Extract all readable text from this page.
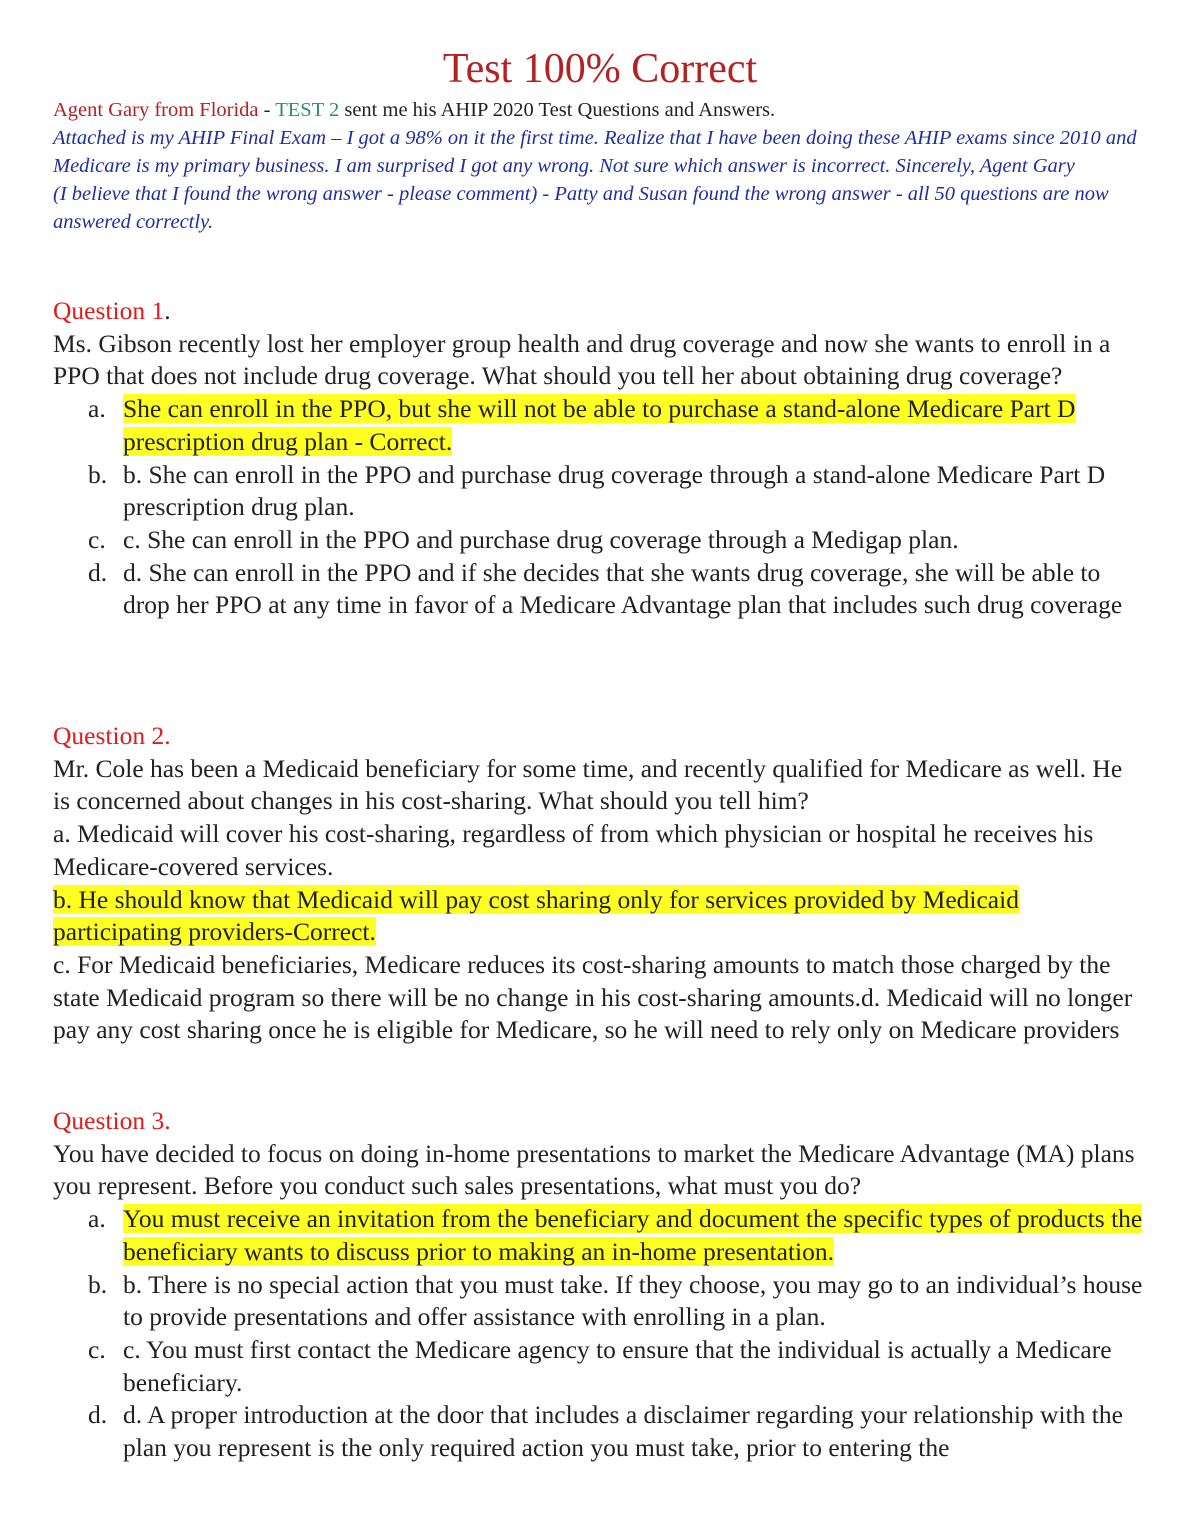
Test 100% Correct
Agent Gary from Florida - TEST 2 sent me his AHIP 2020 Test Questions and Answers.
Attached is my AHIP Final Exam – I got a 98% on it the first time. Realize that I have been doing these AHIP exams since 2010 and Medicare is my primary business. I am surprised I got any wrong. Not sure which answer is incorrect. Sincerely, Agent Gary
(I believe that I found the wrong answer - please comment) - Patty and Susan found the wrong answer - all 50 questions are now answered correctly.
Question 1.
Ms. Gibson recently lost her employer group health and drug coverage and now she wants to enroll in a PPO that does not include drug coverage. What should you tell her about obtaining drug coverage?
a. She can enroll in the PPO, but she will not be able to purchase a stand-alone Medicare Part D prescription drug plan - Correct.
b. b. She can enroll in the PPO and purchase drug coverage through a stand-alone Medicare Part D prescription drug plan.
c. c. She can enroll in the PPO and purchase drug coverage through a Medigap plan.
d. d. She can enroll in the PPO and if she decides that she wants drug coverage, she will be able to drop her PPO at any time in favor of a Medicare Advantage plan that includes such drug coverage
Question 2.
Mr. Cole has been a Medicaid beneficiary for some time, and recently qualified for Medicare as well. He is concerned about changes in his cost-sharing. What should you tell him?
a. Medicaid will cover his cost-sharing, regardless of from which physician or hospital he receives his Medicare-covered services.
b. He should know that Medicaid will pay cost sharing only for services provided by Medicaid participating providers-Correct.
c. For Medicaid beneficiaries, Medicare reduces its cost-sharing amounts to match those charged by the state Medicaid program so there will be no change in his cost-sharing amounts.d. Medicaid will no longer pay any cost sharing once he is eligible for Medicare, so he will need to rely only on Medicare providers
Question 3.
You have decided to focus on doing in-home presentations to market the Medicare Advantage (MA) plans you represent. Before you conduct such sales presentations, what must you do?
a. You must receive an invitation from the beneficiary and document the specific types of products the beneficiary wants to discuss prior to making an in-home presentation.
b. b. There is no special action that you must take. If they choose, you may go to an individual’s house to provide presentations and offer assistance with enrolling in a plan.
c. c. You must first contact the Medicare agency to ensure that the individual is actually a Medicare beneficiary.
d. d. A proper introduction at the door that includes a disclaimer regarding your relationship with the plan you represent is the only required action you must take, prior to entering the
